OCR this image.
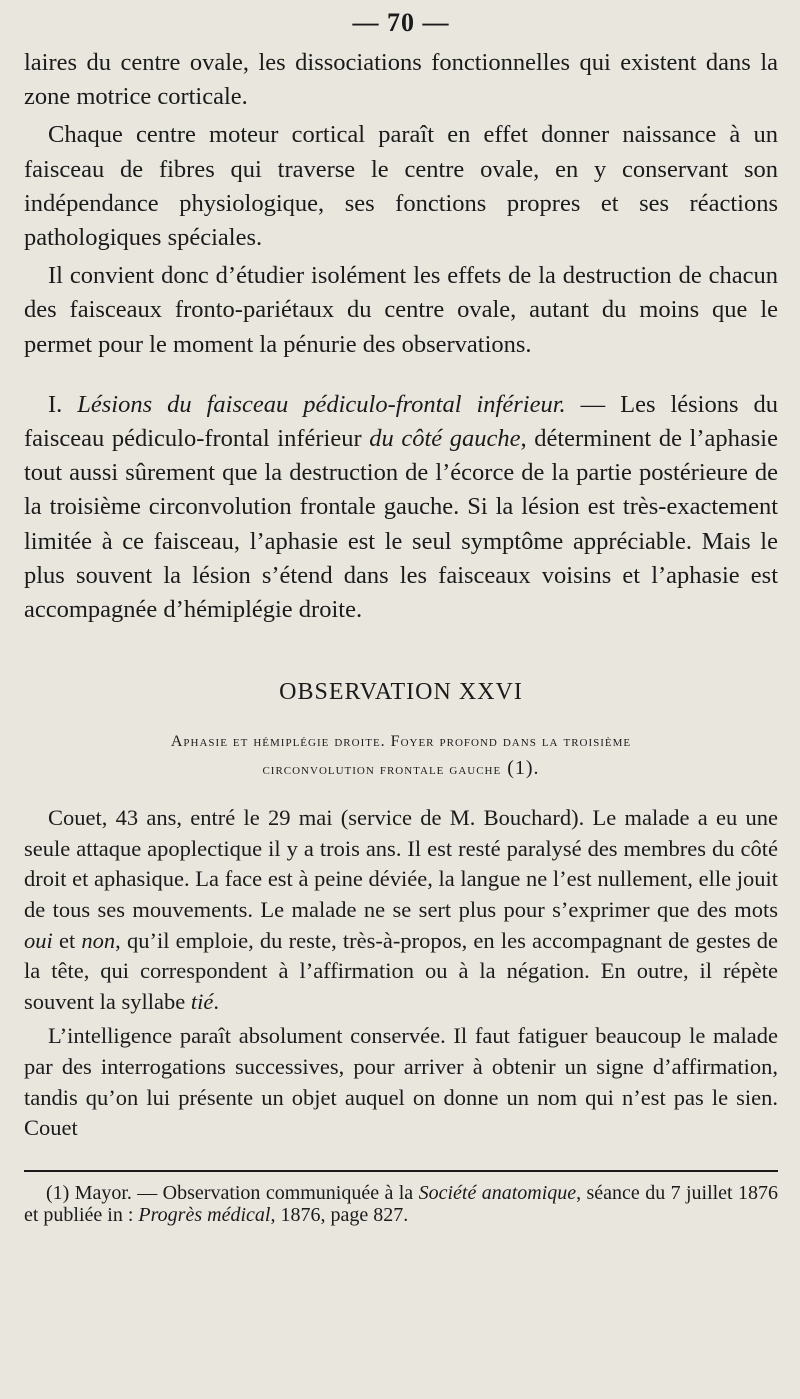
— 70 —

laires du centre ovale, les dissociations fonctionnelles qui existent dans la zone motrice corticale.

Chaque centre moteur cortical paraît en effet donner naissance à un faisceau de fibres qui traverse le centre ovale, en y conservant son indépendance physiologique, ses fonctions propres et ses réactions pathologiques spéciales.

Il convient donc d’étudier isolément les effets de la destruction de chacun des faisceaux fronto-pariétaux du centre ovale, autant du moins que le permet pour le moment la pénurie des observations.

I. Lésions du faisceau pédiculo-frontal inférieur. — Les lésions du faisceau pédiculo-frontal inférieur du côté gauche, déterminent de l’aphasie tout aussi sûrement que la destruction de l’écorce de la partie postérieure de la troisième circonvolution frontale gauche. Si la lésion est très-exactement limitée à ce faisceau, l’aphasie est le seul symptôme appréciable. Mais le plus souvent la lésion s’étend dans les faisceaux voisins et l’aphasie est accompagnée d’hémiplégie droite.

OBSERVATION XXVI
Aphasie et hémiplégie droite. Foyer profond dans la troisième
circonvolution frontale gauche (1).

Couet, 43 ans, entré le 29 mai (service de M. Bouchard). Le malade a eu une seule attaque apoplectique il y a trois ans. Il est resté paralysé des membres du côté droit et aphasique. La face est à peine déviée, la langue ne l’est nullement, elle jouit de tous ses mouvements. Le malade ne se sert plus pour s’exprimer que des mots oui et non, qu’il emploie, du reste, très-à-propos, en les accompagnant de gestes de la tête, qui correspondent à l’affirmation ou à la négation. En outre, il répète souvent la syllabe tié.

L’intelligence paraît absolument conservée. Il faut fatiguer beaucoup le malade par des interrogations successives, pour arriver à obtenir un signe d’affirmation, tandis qu’on lui présente un objet auquel on donne un nom qui n’est pas le sien. Couet

(1) Mayor. — Observation communiquée à la Société anatomique, séance du 7 juillet 1876 et publiée in : Progrès médical, 1876, page 827.
